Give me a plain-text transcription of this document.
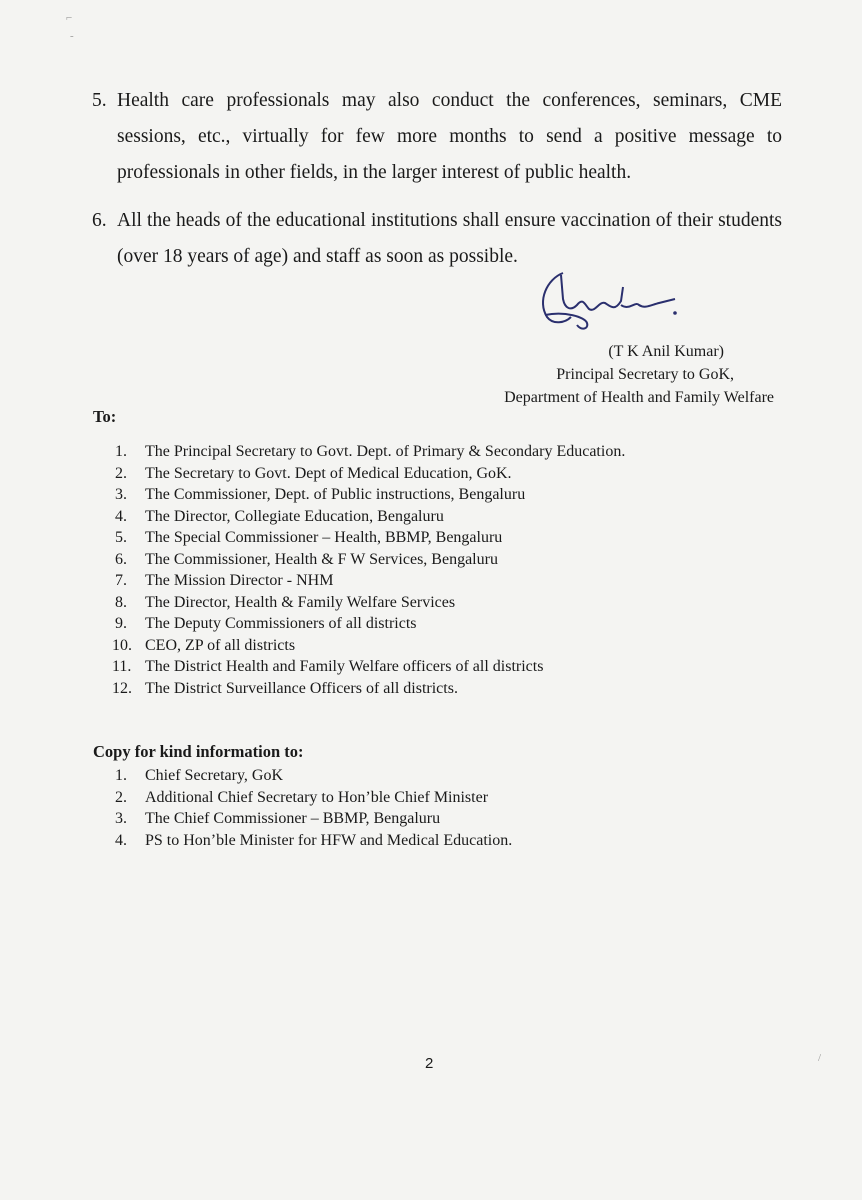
⌐
-
/
5. Health care professionals may also conduct the conferences, seminars, CME sessions, etc., virtually for few more months to send a positive message to professionals in other fields, in the larger interest of public health.
6. All the heads of the educational institutions shall ensure vaccination of their students (over 18 years of age) and staff as soon as possible.
(T K Anil Kumar)
Principal Secretary to GoK,
Department of Health and Family Welfare
To:
1.	The Principal Secretary to Govt. Dept. of Primary & Secondary Education.
2.	The Secretary to Govt. Dept of Medical Education, GoK.
3.	The Commissioner, Dept. of Public instructions, Bengaluru
4.	The Director, Collegiate Education, Bengaluru
5.	The Special Commissioner – Health, BBMP, Bengaluru
6.	The Commissioner, Health & F W Services, Bengaluru
7.	The Mission Director - NHM
8.	The Director, Health & Family Welfare Services
9.	The Deputy Commissioners of all districts
10. CEO, ZP of all districts
11. The District Health and Family Welfare officers of all districts
12. The District Surveillance Officers of all districts.
Copy for kind information to:
1.	Chief Secretary, GoK
2.	Additional Chief Secretary to Hon’ble Chief Minister
3.	The Chief Commissioner – BBMP, Bengaluru
4.	PS to Hon’ble Minister for HFW and Medical Education.
2
